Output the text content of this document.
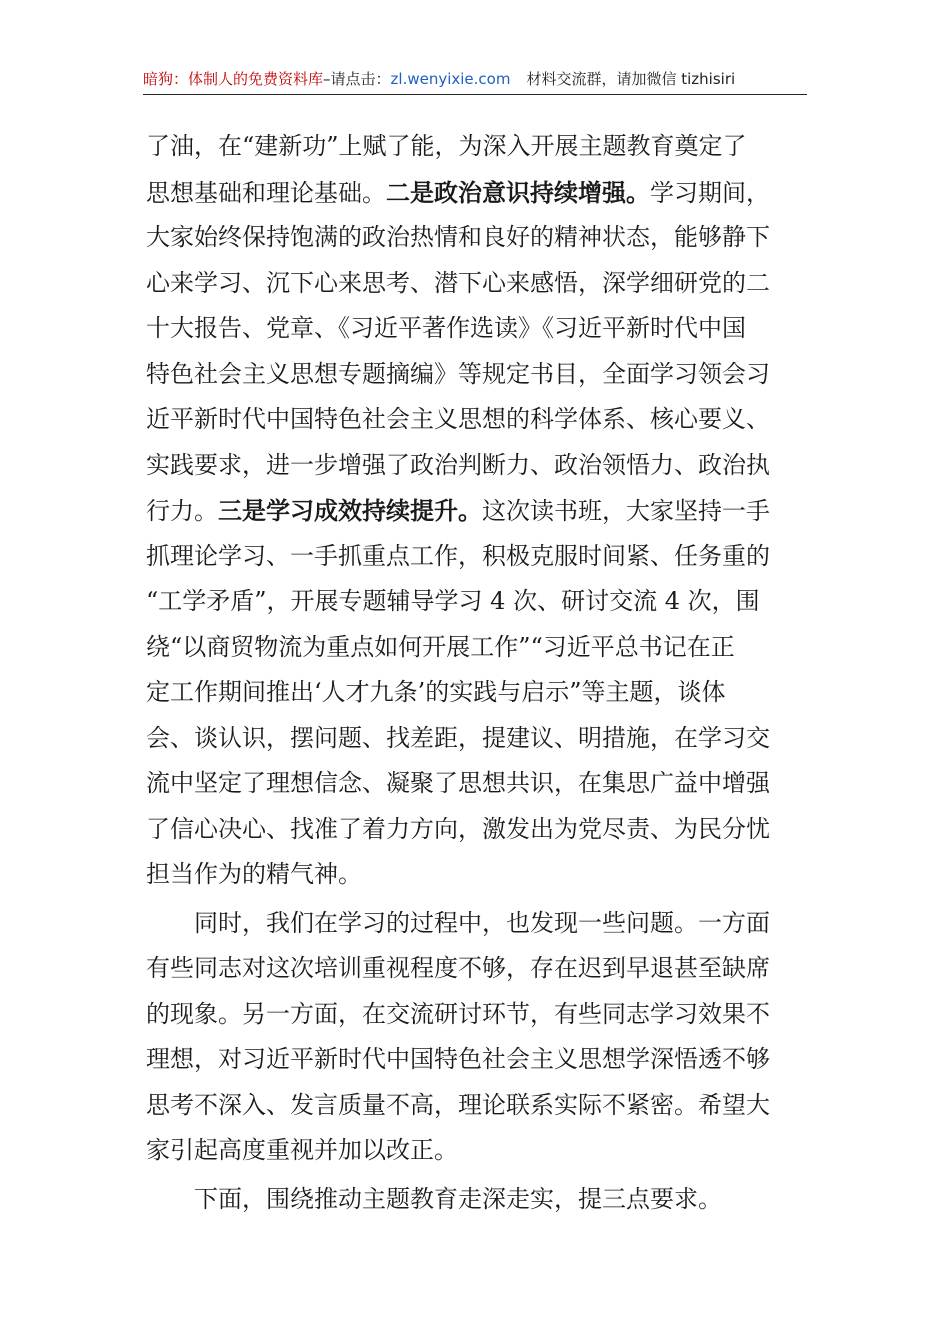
暗狗：体制人的免费资料库–请点击：zl.wenyixie.com 材料交流群，请加微信 tizhisiri
了油，在“建新功”上赋了能，为深入开展主题教育奠定了
思想基础和理论基础。二是政治意识持续增强。学习期间，
大家始终保持饱满的政治热情和良好的精神状态，能够静下
心来学习、沉下心来思考、潜下心来感悟，深学细研党的二
十大报告、党章、《习近平著作选读》《习近平新时代中国
特色社会主义思想专题摘编》等规定书目，全面学习领会习
近平新时代中国特色社会主义思想的科学体系、核心要义、
实践要求，进一步增强了政治判断力、政治领悟力、政治执
行力。三是学习成效持续提升。这次读书班，大家坚持一手
抓理论学习、一手抓重点工作，积极克服时间紧、任务重的
“工学矛盾”，开展专题辅导学习 4 次、研讨交流 4 次，围
绕“以商贸物流为重点如何开展工作”“习近平总书记在正
定工作期间推出‘人才九条’的实践与启示”等主题，谈体
会、谈认识，摆问题、找差距，提建议、明措施，在学习交
流中坚定了理想信念、凝聚了思想共识，在集思广益中增强
了信心决心、找准了着力方向，激发出为党尽责、为民分忧
担当作为的精气神。
同时，我们在学习的过程中，也发现一些问题。一方面
有些同志对这次培训重视程度不够，存在迟到早退甚至缺席
的现象。另一方面，在交流研讨环节，有些同志学习效果不
理想，对习近平新时代中国特色社会主义思想学深悟透不够
思考不深入、发言质量不高，理论联系实际不紧密。希望大
家引起高度重视并加以改正。
下面，围绕推动主题教育走深走实，提三点要求。
